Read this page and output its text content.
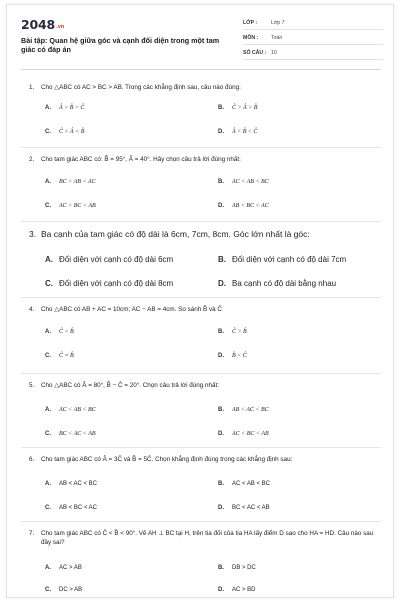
2048.vn
Bài tập: Quan hệ giữa góc và cạnh đối diện trong một tam giác có đáp án
LỚP :	Lớp 7
MÔN :	Toán
SỐ CÂU : 10
1.	Cho △ABC có AC > BC > AB. Trong các khẳng định sau, câu nào đúng:
A.	Â > B̂ > Ĉ	B.	Ĉ > Â > B̂
C.	Ĉ < Â < B̂	D.	Â < B̂ < Ĉ
2.	Cho tam giác ABC có: B̂ = 95°, Â = 40°. Hãy chọn câu trả lời đúng nhất:
A.	BC < AB < AC	B.	AC < AB < BC
C.	AC < BC < AB	D.	AB < BC < AC
3. Ba cạnh của tam giác có độ dài là 6cm, 7cm, 8cm. Góc lớn nhất là góc:
A. Đối diện với cạnh có độ dài 6cm	B. Đối diện với cạnh có độ dài 7cm
C. Đối diện với cạnh có độ dài 8cm	D. Ba cạnh có độ dài bằng nhau
4.	Cho △ABC có AB + AC = 10cm; AC − AB = 4cm. So sánh B̂ và Ĉ
A.	Ĉ < B̂	B.	Ĉ > B̂
C.	Ĉ = B̂	D.	B̂ < Ĉ
5.	Cho △ABC có Â = 80°, B̂ − Ĉ = 20°. Chọn câu trả lời đúng nhất:
A.	AC < AB < BC	B.	AB < AC < BC
C.	BC < AC < AB	D.	AC < BC < AB
6.	Cho tam giác ABC có Â = 3Ĉ và B̂ = 5Ĉ. Chọn khẳng định đúng trong các khẳng định sau:
A.	AB < AC < BC	B.	AC < AB < BC
C.	AB < BC < AC	D.	BC < AC < AB
7.	Cho tam giác ABC có Ĉ < B̂ < 90°. Vẽ AH ⊥ BC tại H, trên tia đối của tia HA lấy điểm D sao cho HA = HD. Câu nào sau đây sai?
A.	AC > AB	B.	DB > DC
C.	DC > AB	D.	AC > BD
